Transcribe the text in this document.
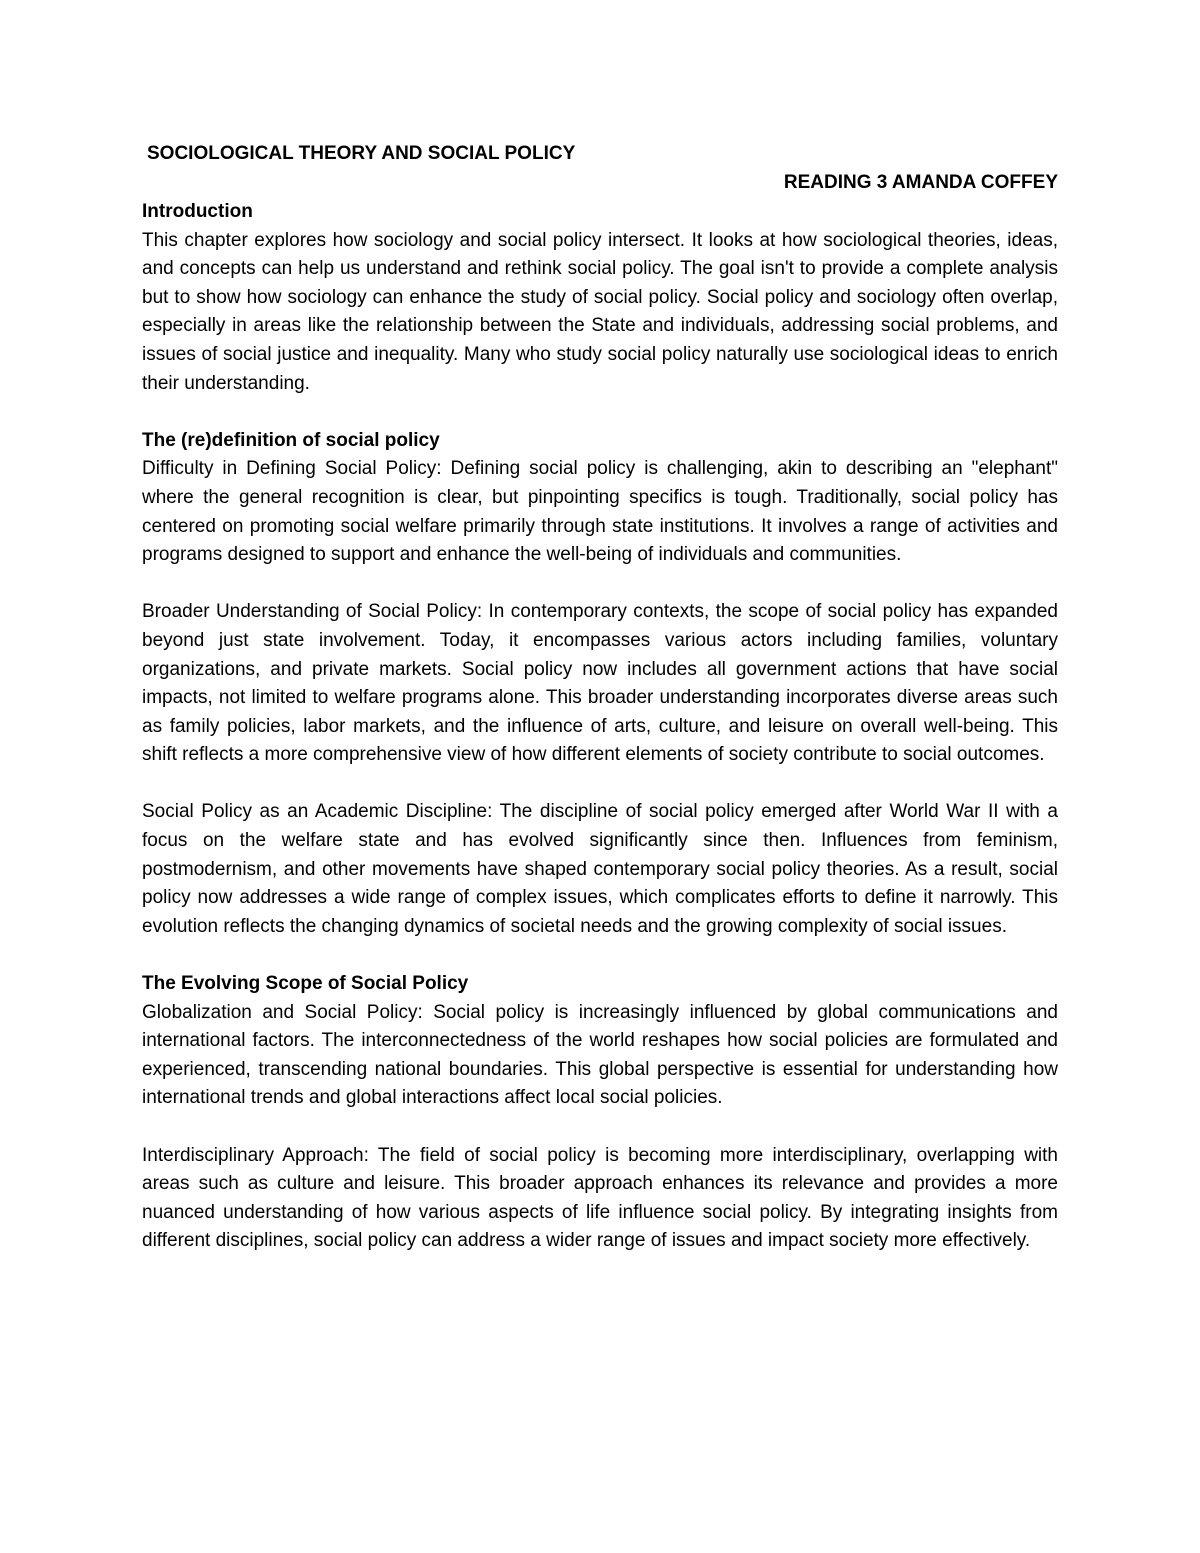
SOCIOLOGICAL THEORY AND SOCIAL POLICY
READING 3 AMANDA COFFEY
Introduction

This chapter explores how sociology and social policy intersect. It looks at how sociological theories, ideas, and concepts can help us understand and rethink social policy. The goal isn't to provide a complete analysis but to show how sociology can enhance the study of social policy. Social policy and sociology often overlap, especially in areas like the relationship between the State and individuals, addressing social problems, and issues of social justice and inequality. Many who study social policy naturally use sociological ideas to enrich their understanding.

The (re)definition of social policy

Difficulty in Defining Social Policy: Defining social policy is challenging, akin to describing an "elephant" where the general recognition is clear, but pinpointing specifics is tough. Traditionally, social policy has centered on promoting social welfare primarily through state institutions. It involves a range of activities and programs designed to support and enhance the well-being of individuals and communities.

Broader Understanding of Social Policy: In contemporary contexts, the scope of social policy has expanded beyond just state involvement. Today, it encompasses various actors including families, voluntary organizations, and private markets. Social policy now includes all government actions that have social impacts, not limited to welfare programs alone. This broader understanding incorporates diverse areas such as family policies, labor markets, and the influence of arts, culture, and leisure on overall well-being. This shift reflects a more comprehensive view of how different elements of society contribute to social outcomes.

Social Policy as an Academic Discipline: The discipline of social policy emerged after World War II with a focus on the welfare state and has evolved significantly since then. Influences from feminism, postmodernism, and other movements have shaped contemporary social policy theories. As a result, social policy now addresses a wide range of complex issues, which complicates efforts to define it narrowly. This evolution reflects the changing dynamics of societal needs and the growing complexity of social issues.

The Evolving Scope of Social Policy

Globalization and Social Policy: Social policy is increasingly influenced by global communications and international factors. The interconnectedness of the world reshapes how social policies are formulated and experienced, transcending national boundaries. This global perspective is essential for understanding how international trends and global interactions affect local social policies.

Interdisciplinary Approach: The field of social policy is becoming more interdisciplinary, overlapping with areas such as culture and leisure. This broader approach enhances its relevance and provides a more nuanced understanding of how various aspects of life influence social policy. By integrating insights from different disciplines, social policy can address a wider range of issues and impact society more effectively.
